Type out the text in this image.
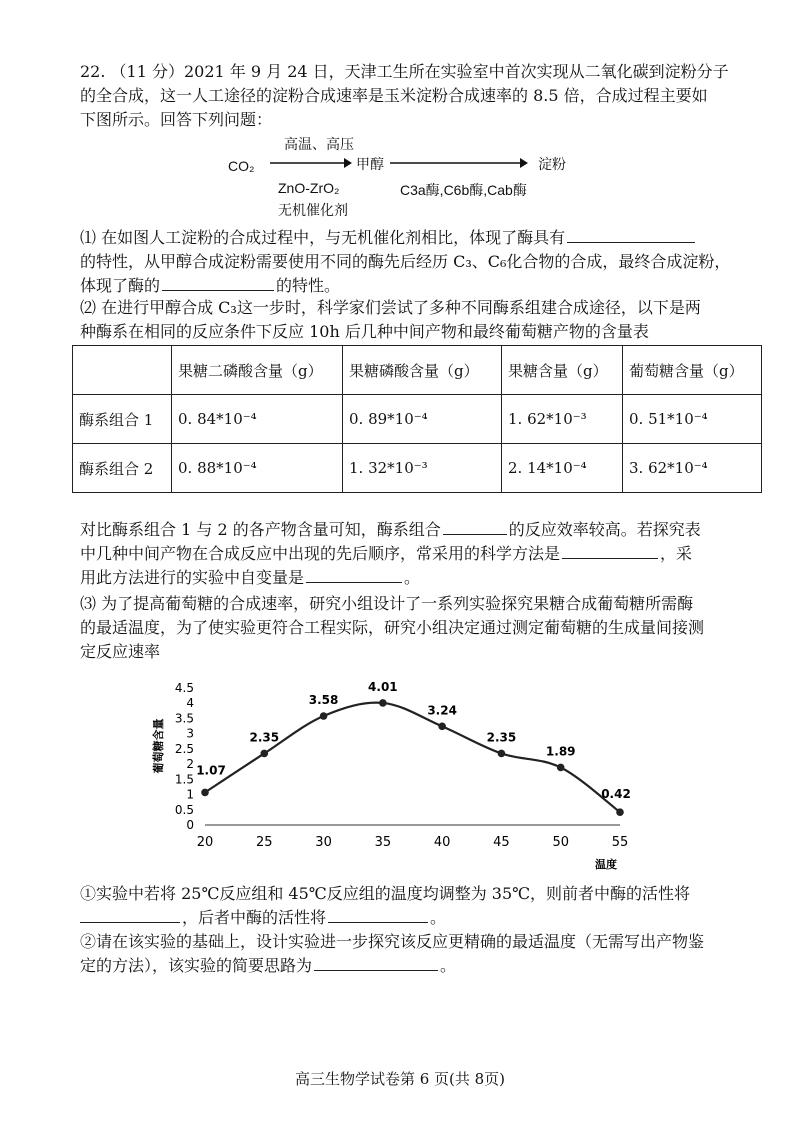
22. （11 分）2021 年 9 月 24 日，天津工生所在实验室中首次实现从二氧化碳到淀粉分子
的全合成，这一人工途径的淀粉合成速率是玉米淀粉合成速率的 8.5 倍，合成过程主要如
下图所示。回答下列问题：
CO₂
高温、高压
甲醇	淀粉
ZnO-ZrO₂
无机催化剂
C3a酶,C6b酶,Cab酶
⑴ 在如图人工淀粉的合成过程中，与无机催化剂相比，体现了酶具有
的特性，从甲醇合成淀粉需要使用不同的酶先后经历 C₃、C₆化合物的合成，最终合成淀粉，
体现了酶的	的特性。
⑵ 在进行甲醇合成 C₃这一步时，科学家们尝试了多种不同酶系组建合成途径，以下是两
种酶系在相同的反应条件下反应 10h 后几种中间产物和最终葡萄糖产物的含量表
	果糖二磷酸含量（g）	果糖磷酸含量（g）	果糖含量（g）	葡萄糖含量（g）
酶系组合 1	0. 84*10⁻⁴	0. 89*10⁻⁴	1. 62*10⁻³	0. 51*10⁻⁴
酶系组合 2	0. 88*10⁻⁴	1. 32*10⁻³	2. 14*10⁻⁴	3. 62*10⁻⁴
对比酶系组合 1 与 2 的各产物含量可知，酶系组合	的反应效率较高。若探究表
中几种中间产物在合成反应中出现的先后顺序，常采用的科学方法是	，采
用此方法进行的实验中自变量是	。
⑶ 为了提高葡萄糖的合成速率，研究小组设计了一系列实验探究果糖合成葡萄糖所需酶
的最适温度，为了使实验更符合工程实际，研究小组决定通过测定葡萄糖的生成量间接测
定反应速率
葡萄糖含量
温度
0
0.5
1
1.5
2
2.5
3
3.5
4
4.5
20	25	30	35	40	45	50	55
1.07
2.35
3.58
4.01
3.24
2.35
1.89
0.42
①实验中若将 25℃反应组和 45℃反应组的温度均调整为 35℃，则前者中酶的活性将
，后者中酶的活性将	。
②请在该实验的基础上，设计实验进一步探究该反应更精确的最适温度（无需写出产物鉴
定的方法），该实验的简要思路为	。
高三生物学试卷第 6 页(共 8页)
